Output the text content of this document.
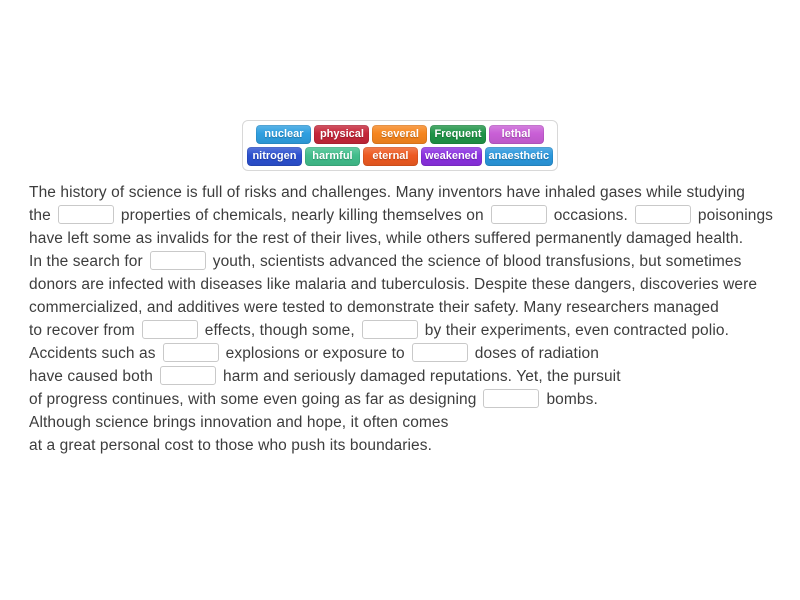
nuclear	physical	several	Frequent	lethal
nitrogen	harmful	eternal	weakened	anaesthetic
The history of science is full of risks and challenges. Many inventors have inhaled gases while studying
the	properties of chemicals, nearly killing themselves on	occasions.	poisonings
have left some as invalids for the rest of their lives, while others suffered permanently damaged health.
In the search for	youth, scientists advanced the science of blood transfusions, but sometimes
donors are infected with diseases like malaria and tuberculosis. Despite these dangers, discoveries were
commercialized, and additives were tested to demonstrate their safety. Many researchers managed
to recover from	effects, though some,	by their experiments, even contracted polio.
Accidents such as	explosions or exposure to	doses of radiation
have caused both	harm and seriously damaged reputations. Yet, the pursuit
of progress continues, with some even going as far as designing	bombs.
Although science brings innovation and hope, it often comes
at a great personal cost to those who push its boundaries.
